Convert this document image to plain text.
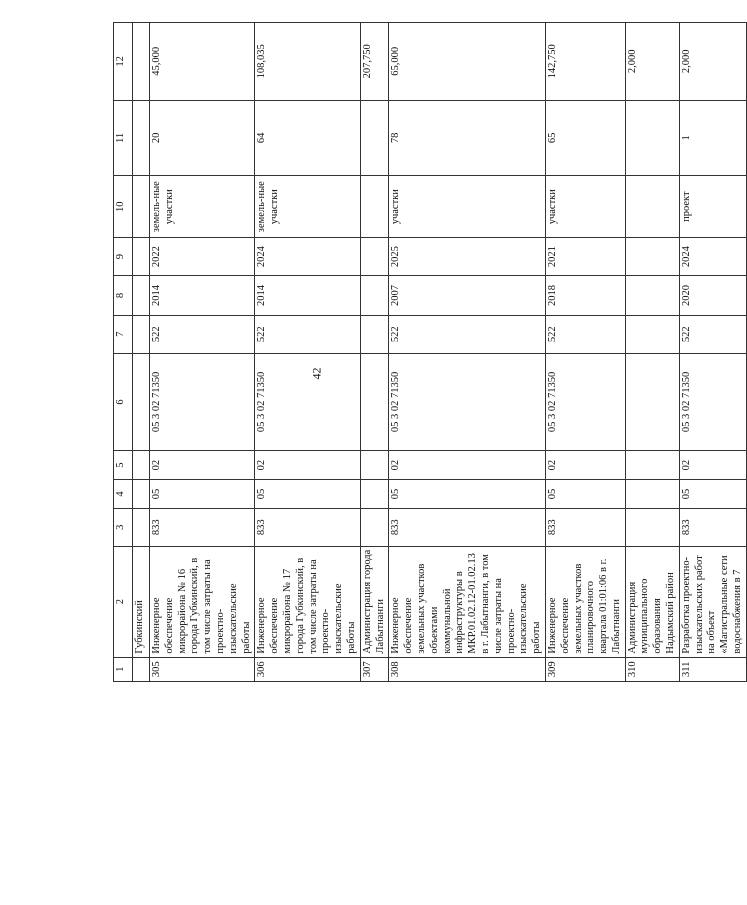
42
1	2	3	4	5	6	7	8	9	10	11	12
	Губкинский										
305	Инженерное обеспечение микрорайона № 16 города Губкинский, в том числе затраты на проектно-изыскательские работы	833	05	02	05 3 02 71350	522	2014	2022	земель-ные участки	20	45,000
306	Инженерное обеспечение микрорайона № 17 города Губкинский, в том числе затраты на проектно-изыскательские работы	833	05	02	05 3 02 71350	522	2014	2024	земель-ные участки	64	108,035
307	Администрация города Лабытнанги										207,750
308	Инженерное обеспечение земельных участков объектами коммунальной инфраструктуры в МКР.01.02.12-01.02.13 в г. Лабытнанги, в том числе затраты на проектно-изыскательские работы	833	05	02	05 3 02 71350	522	2007	2025	участки	78	65,000
309	Инженерное обеспечение земельных участков планировочного квартала 01:01:06 в г. Лабытнанги	833	05	02	05 3 02 71350	522	2018	2021	участки	65	142,750
310	Администрация муниципального образования Надымский район										2,000
311	Разработка проектно-изыскательских работ на объект «Магистральные сети водоснабжения в 7	833	05	02	05 3 02 71350	522	2020	2024	проект	1	2,000
